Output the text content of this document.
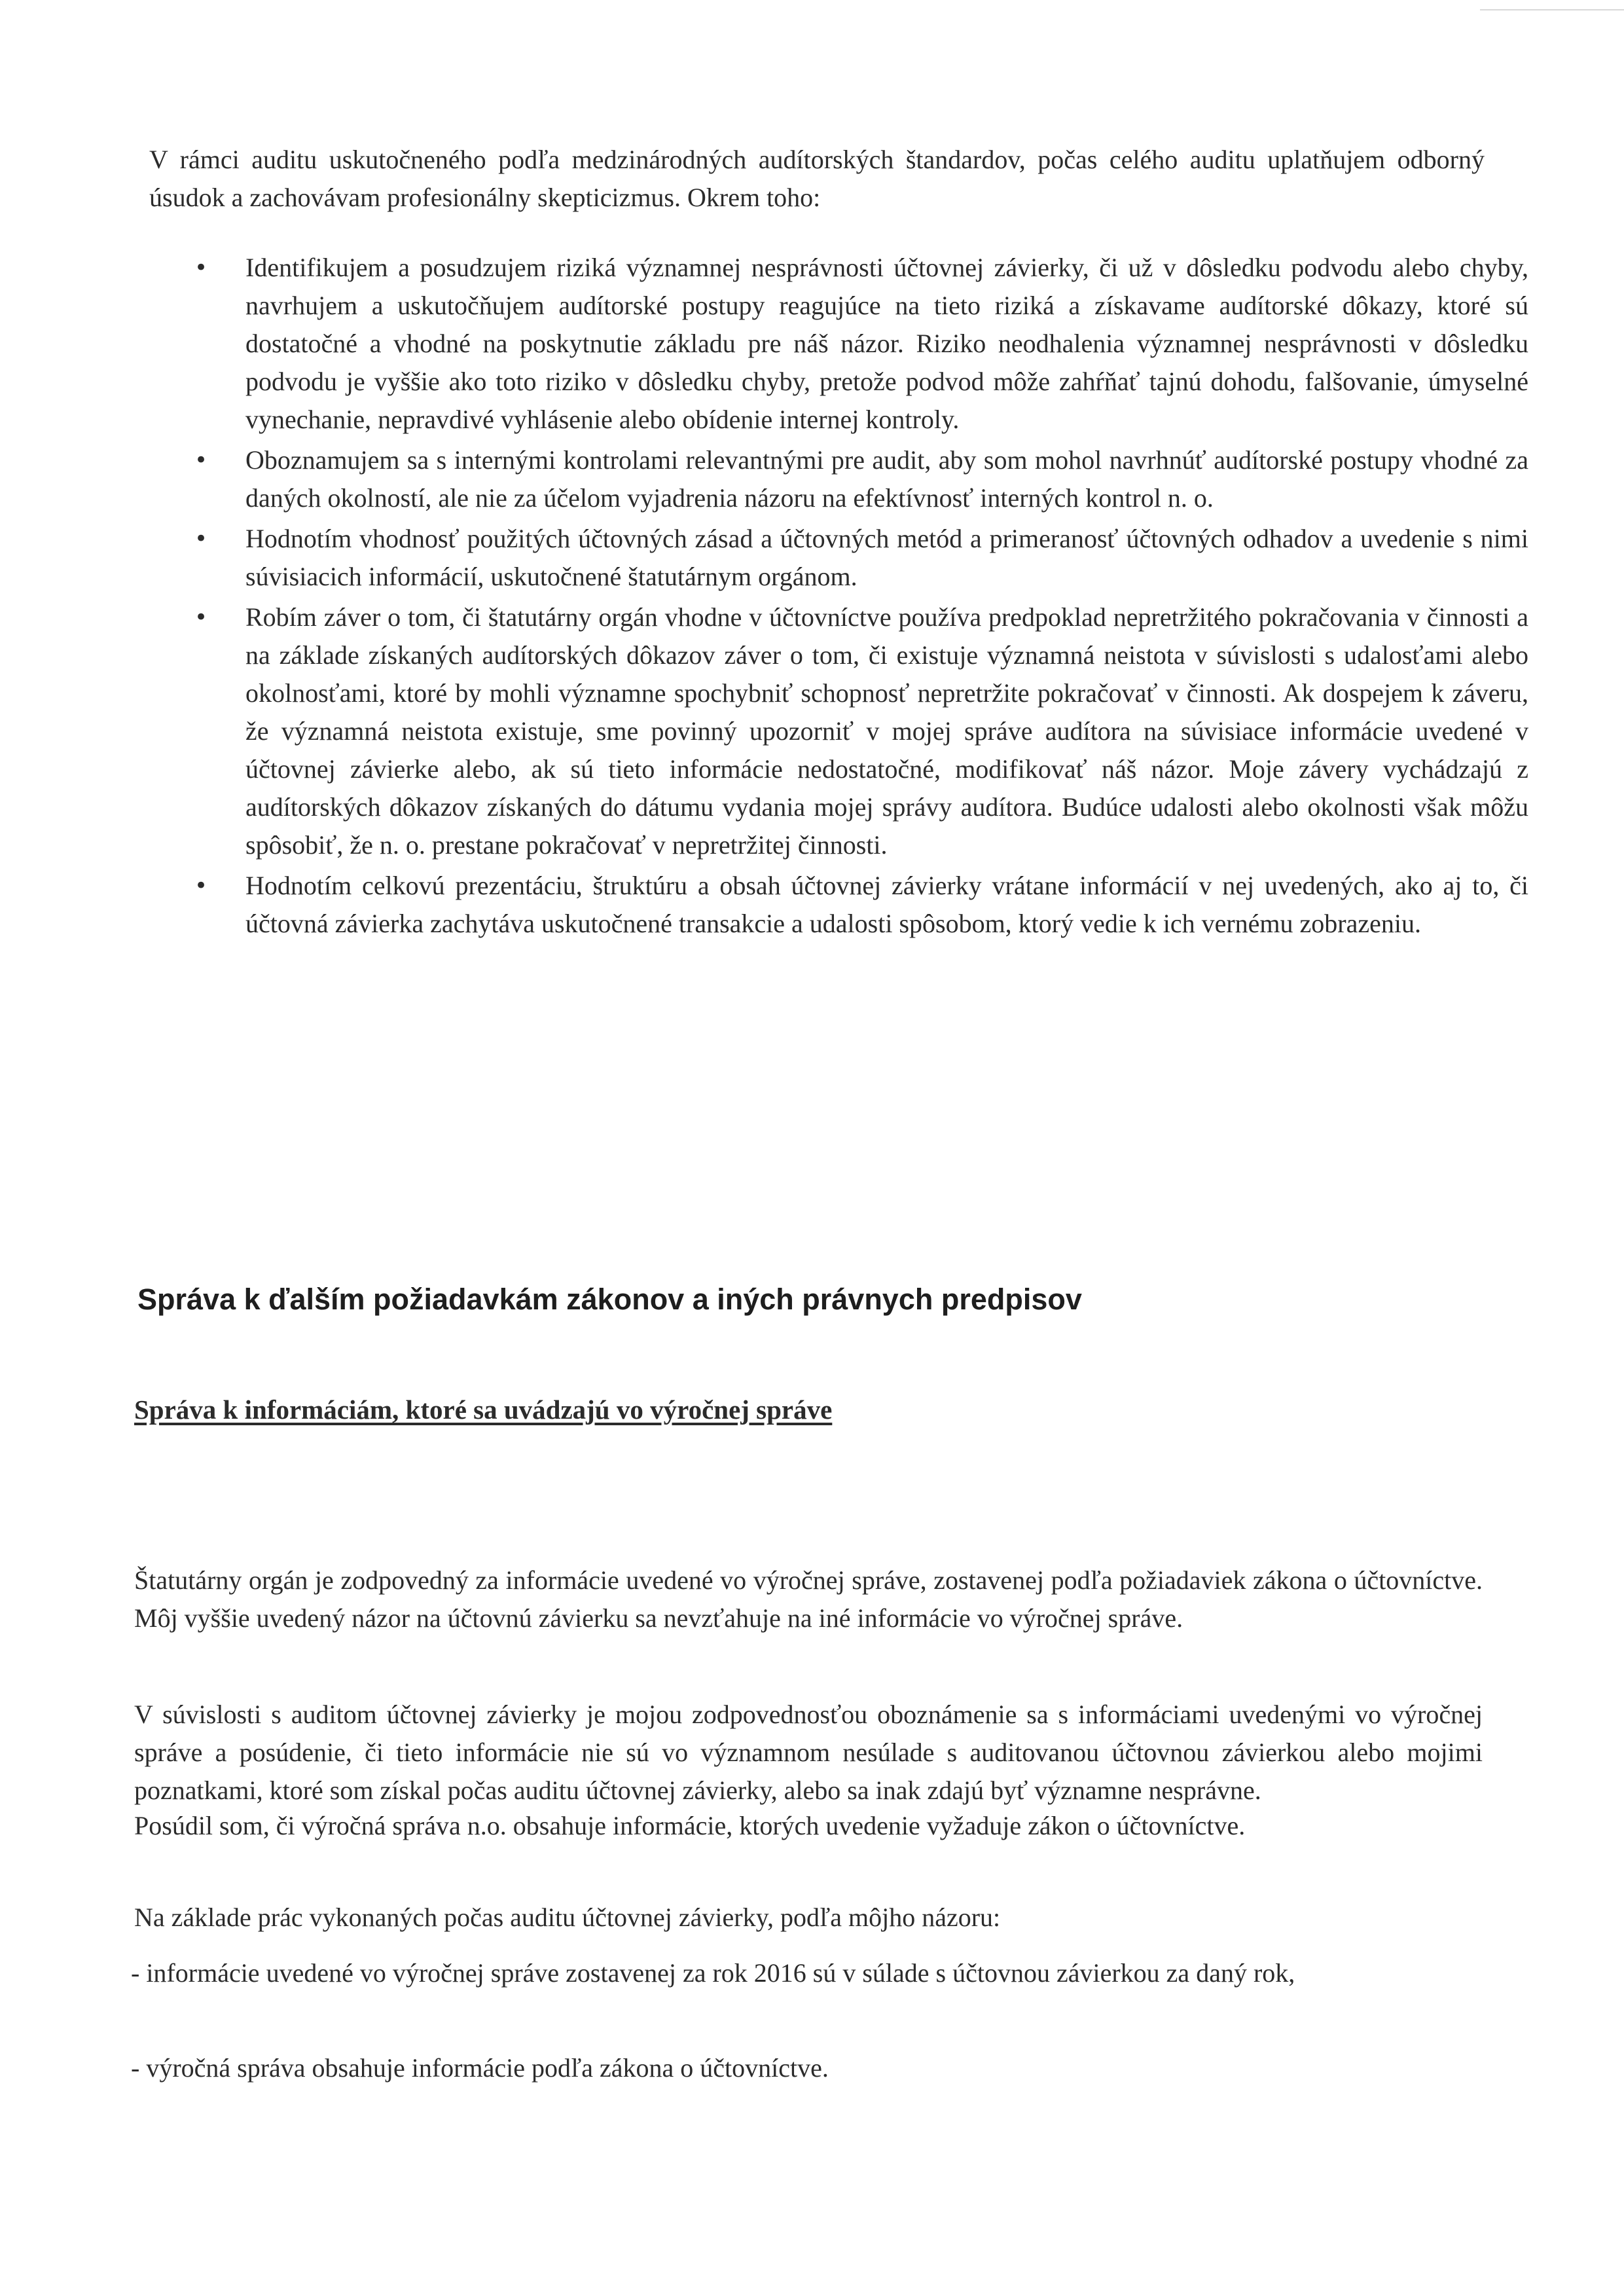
V rámci auditu uskutočneného podľa medzinárodných audítorských štandardov, počas celého auditu uplatňujem odborný úsudok a zachovávam profesionálny skepticizmus. Okrem toho:

• Identifikujem a posudzujem riziká významnej nesprávnosti účtovnej závierky, či už v dôsledku podvodu alebo chyby, navrhujem a uskutočňujem audítorské postupy reagujúce na tieto riziká a získavame audítorské dôkazy, ktoré sú dostatočné a vhodné na poskytnutie základu pre náš názor. Riziko neodhalenia významnej nesprávnosti v dôsledku podvodu je vyššie ako toto riziko v dôsledku chyby, pretože podvod môže zahŕňať tajnú dohodu, falšovanie, úmyselné vynechanie, nepravdivé vyhlásenie alebo obídenie internej kontroly.
• Oboznamujem sa s internými kontrolami relevantnými pre audit, aby som mohol navrhnúť audítorské postupy vhodné za daných okolností, ale nie za účelom vyjadrenia názoru na efektívnosť interných kontrol n. o.
• Hodnotím vhodnosť použitých účtovných zásad a účtovných metód a primeranosť účtovných odhadov a uvedenie s nimi súvisiacich informácií, uskutočnené štatutárnym orgánom.
• Robím záver o tom, či štatutárny orgán vhodne v účtovníctve používa predpoklad nepretržitého pokračovania v činnosti a na základe získaných audítorských dôkazov záver o tom, či existuje významná neistota v súvislosti s udalosťami alebo okolnosťami, ktoré by mohli významne spochybniť schopnosť nepretržite pokračovať v činnosti. Ak dospejem k záveru, že významná neistota existuje, sme povinný upozorniť v mojej správe audítora na súvisiace informácie uvedené v účtovnej závierke alebo, ak sú tieto informácie nedostatočné, modifikovať náš názor. Moje závery vychádzajú z audítorských dôkazov získaných do dátumu vydania mojej správy audítora. Budúce udalosti alebo okolnosti však môžu spôsobiť, že n. o. prestane pokračovať v nepretržitej činnosti.
• Hodnotím celkovú prezentáciu, štruktúru a obsah účtovnej závierky vrátane informácií v nej uvedených, ako aj to, či účtovná závierka zachytáva uskutočnené transakcie a udalosti spôsobom, ktorý vedie k ich vernému zobrazeniu.
Správa k ďalším požiadavkám zákonov a iných právnych predpisov
Správa k informáciám, ktoré sa uvádzajú vo výročnej správe

Štatutárny orgán je zodpovedný za informácie uvedené vo výročnej správe, zostavenej podľa požiadaviek zákona o účtovníctve. Môj vyššie uvedený názor na účtovnú závierku sa nevzťahuje na iné informácie vo výročnej správe.

V súvislosti s auditom účtovnej závierky je mojou zodpovednosťou oboznámenie sa s informáciami uvedenými vo výročnej správe a posúdenie, či tieto informácie nie sú vo významnom nesúlade s auditovanou účtovnou závierkou alebo mojimi poznatkami, ktoré som získal počas auditu účtovnej závierky, alebo sa inak zdajú byť významne nesprávne.

Posúdil som, či výročná správa n.o. obsahuje informácie, ktorých uvedenie vyžaduje zákon o účtovníctve.

Na základe prác vykonaných počas auditu účtovnej závierky, podľa môjho názoru:

- informácie uvedené vo výročnej správe zostavenej za rok 2016 sú v súlade s účtovnou závierkou za daný rok,

- výročná správa obsahuje informácie podľa zákona o účtovníctve.
